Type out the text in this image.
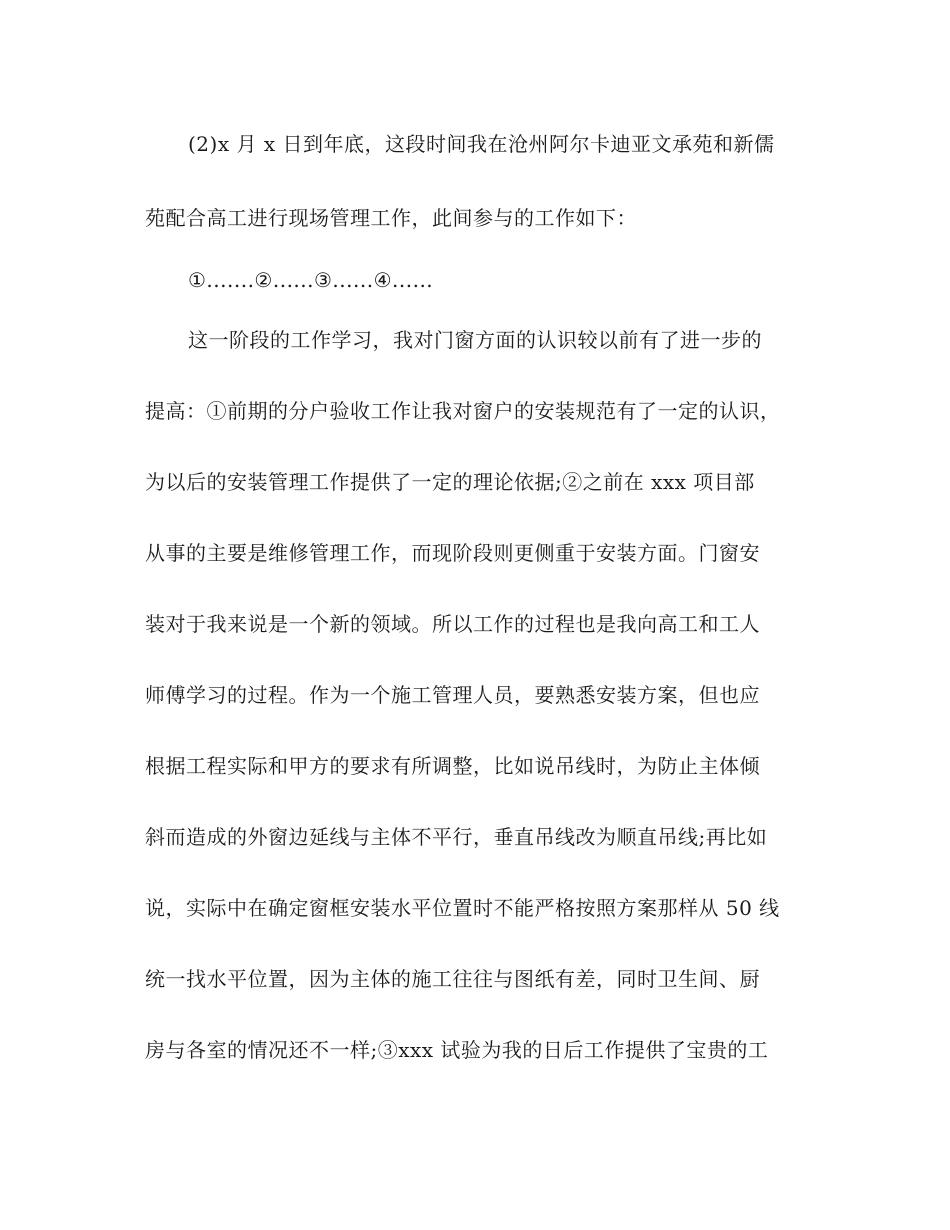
(2)x 月 x 日到年底，这段时间我在沧州阿尔卡迪亚文承苑和新儒
苑配合高工进行现场管理工作，此间参与的工作如下：
①.......②......③......④......
这一阶段的工作学习，我对门窗方面的认识较以前有了进一步的
提高：①前期的分户验收工作让我对窗户的安装规范有了一定的认识，
为以后的安装管理工作提供了一定的理论依据;②之前在 xxx 项目部
从事的主要是维修管理工作，而现阶段则更侧重于安装方面。门窗安
装对于我来说是一个新的领域。所以工作的过程也是我向高工和工人
师傅学习的过程。作为一个施工管理人员，要熟悉安装方案，但也应
根据工程实际和甲方的要求有所调整，比如说吊线时，为防止主体倾
斜而造成的外窗边延线与主体不平行，垂直吊线改为顺直吊线;再比如
说，实际中在确定窗框安装水平位置时不能严格按照方案那样从 50 线
统一找水平位置，因为主体的施工往往与图纸有差，同时卫生间、厨
房与各室的情况还不一样;③xxx 试验为我的日后工作提供了宝贵的工
